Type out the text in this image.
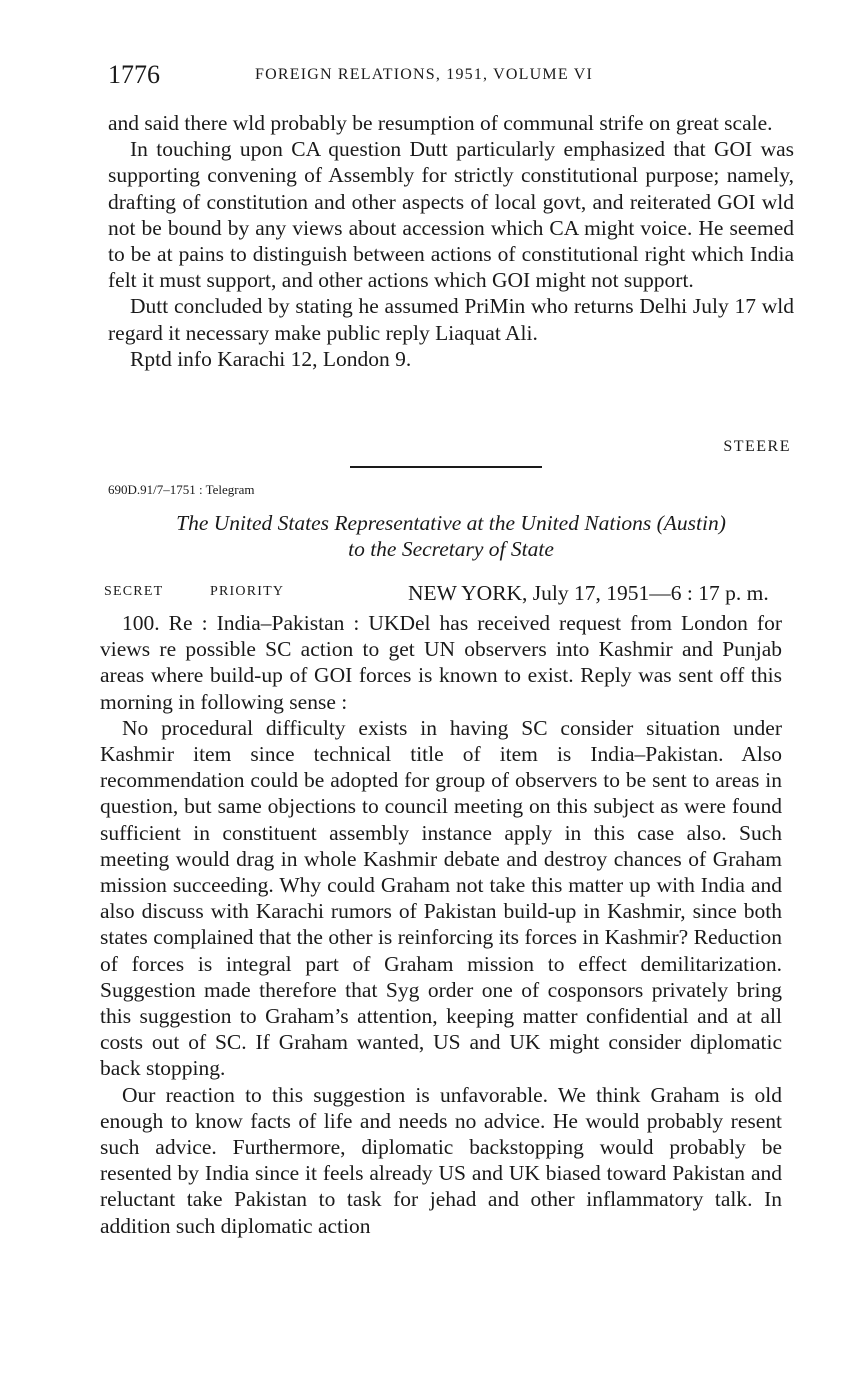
1776	FOREIGN RELATIONS, 1951, VOLUME VI

and said there wld probably be resumption of communal strife on great scale.

In touching upon CA question Dutt particularly emphasized that GOI was supporting convening of Assembly for strictly constitutional purpose; namely, drafting of constitution and other aspects of local govt, and reiterated GOI wld not be bound by any views about accession which CA might voice. He seemed to be at pains to distinguish between actions of constitutional right which India felt it must support, and other actions which GOI might not support.

Dutt concluded by stating he assumed PriMin who returns Delhi July 17 wld regard it necessary make public reply Liaquat Ali.

Rptd info Karachi 12, London 9.

STEERE
690D.91/7–1751 : Telegram
The United States Representative at the United Nations (Austin)
to the Secretary of State
SECRET	PRIORITY	NEW YORK, July 17, 1951—6 : 17 p. m.

100. Re : India–Pakistan : UKDel has received request from London for views re possible SC action to get UN observers into Kashmir and Punjab areas where build-up of GOI forces is known to exist. Reply was sent off this morning in following sense :

No procedural difficulty exists in having SC consider situation under Kashmir item since technical title of item is India–Pakistan. Also recommendation could be adopted for group of observers to be sent to areas in question, but same objections to council meeting on this subject as were found sufficient in constituent assembly instance apply in this case also. Such meeting would drag in whole Kashmir debate and destroy chances of Graham mission succeeding. Why could Graham not take this matter up with India and also discuss with Karachi rumors of Pakistan build-up in Kashmir, since both states complained that the other is reinforcing its forces in Kashmir? Reduction of forces is integral part of Graham mission to effect demilitarization. Suggestion made therefore that Syg order one of cosponsors privately bring this suggestion to Graham’s attention, keeping matter confidential and at all costs out of SC. If Graham wanted, US and UK might consider diplomatic back stopping.

Our reaction to this suggestion is unfavorable. We think Graham is old enough to know facts of life and needs no advice. He would probably resent such advice. Furthermore, diplomatic backstopping would probably be resented by India since it feels already US and UK biased toward Pakistan and reluctant take Pakistan to task for jehad and other inflammatory talk. In addition such diplomatic action
